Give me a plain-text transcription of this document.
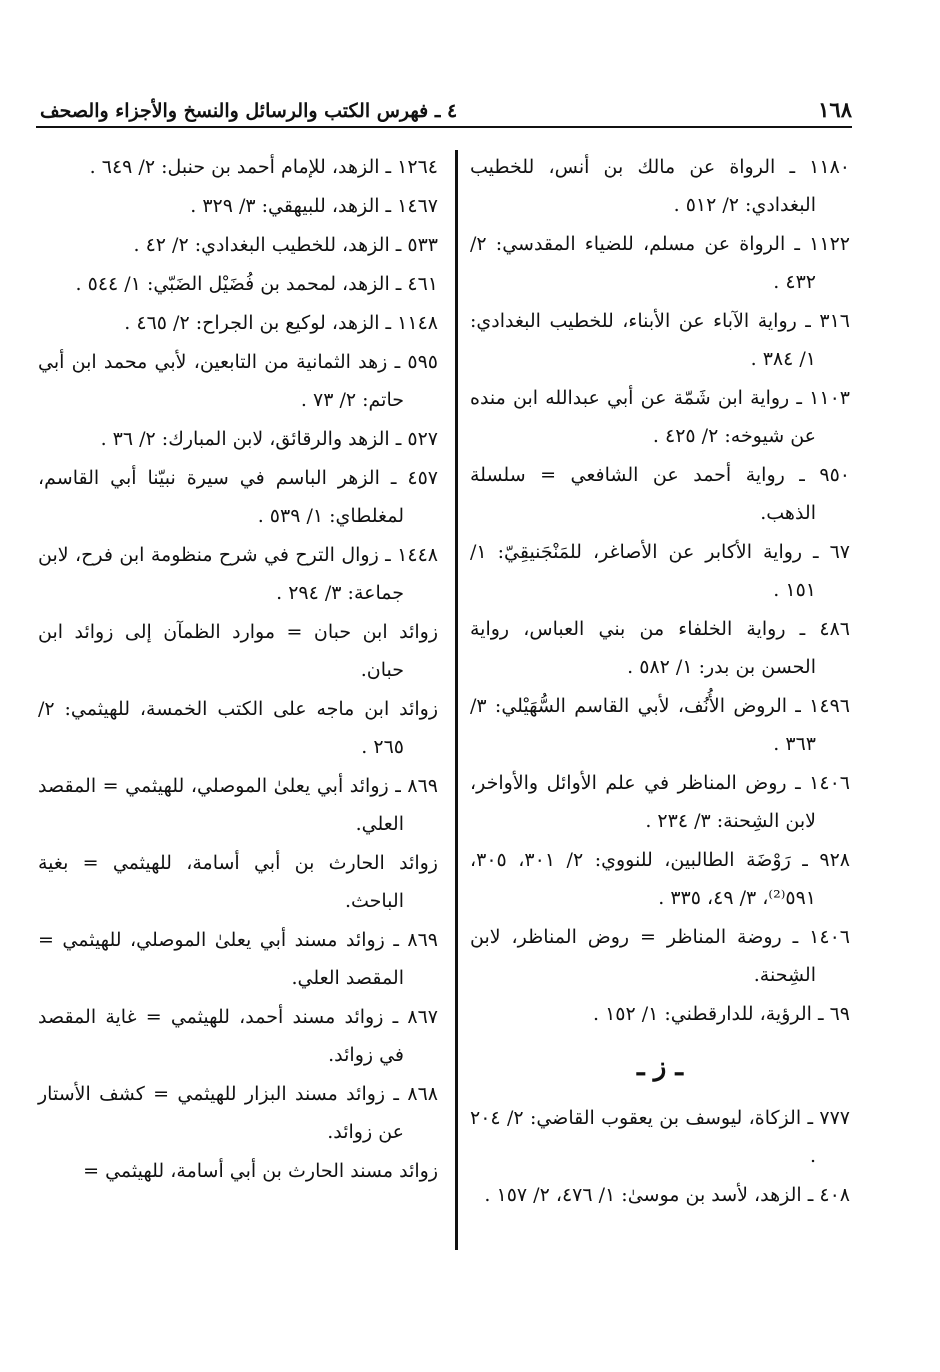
١٦٨
٤ ـ فهرس الكتب والرسائل والنسخ والأجزاء والصحف

١١٨٠ ـ الرواة عن مالك بن أنس، للخطيب البغدادي: ٢/ ٥١٢ .

١١٢٢ ـ الرواة عن مسلم، للضياء المقدسي: ٢/ ٤٣٢ .

٣١٦ ـ رواية الآباء عن الأبناء، للخطيب البغدادي: ١/ ٣٨٤ .

١١٠٣ ـ رواية ابن شَمّة عن أبي عبدالله ابن منده عن شيوخه: ٢/ ٤٢٥ .

٩٥٠ ـ رواية أحمد عن الشافعي = سلسلة الذهب.

٦٧ ـ رواية الأكابر عن الأصاغر، للمَنْجَنيقِيّ: ١/ ١٥١ .

٤٨٦ ـ رواية الخلفاء من بني العباس، رواية الحسن بن بدر: ١/ ٥٨٢ .

١٤٩٦ ـ الروض الأُنُف، لأبي القاسم السُّهَيْلي: ٣/ ٣٦٣ .

١٤٠٦ ـ روض المناظر في علم الأوائل والأواخر، لابن الشِحنة: ٣/ ٢٣٤ .

٩٢٨ ـ رَوْضَة الطالبين، للنووي: ٢/ ٣٠١، ٣٠٥، ٥٩١⁽²⁾، ٣/ ٤٩، ٣٣٥ .

١٤٠٦ ـ روضة المناظر = روض المناظر، لابن الشِحنة.

٦٩ ـ الرؤية، للدارقطني: ١/ ١٥٢ .

ـ ز ـ

٧٧٧ ـ الزكاة، ليوسف بن يعقوب القاضي: ٢/ ٢٠٤ .

٤٠٨ ـ الزهد، لأسد بن موسىٰ: ١/ ٤٧٦، ٢/ ١٥٧ .

١٢٦٤ ـ الزهد، للإمام أحمد بن حنبل: ٢/ ٦٤٩ .

١٤٦٧ ـ الزهد، للبيهقي: ٣/ ٣٢٩ .

٥٣٣ ـ الزهد، للخطيب البغدادي: ٢/ ٤٢ .

٤٦١ ـ الزهد، لمحمد بن فُضَيْل الضَبّي: ١/ ٥٤٤ .

١١٤٨ ـ الزهد، لوكيع بن الجراح: ٢/ ٤٦٥ .

٥٩٥ ـ زهد الثمانية من التابعين، لأبي محمد ابن أبي حاتم: ٢/ ٧٣ .

٥٢٧ ـ الزهد والرقائق، لابن المبارك: ٢/ ٣٦ .

٤٥٧ ـ الزهر الباسم في سيرة نبيّنا أبي القاسم، لمغلطاي: ١/ ٥٣٩ .

١٤٤٨ ـ زوال الترح في شرح منظومة ابن فرح، لابن جماعة: ٣/ ٢٩٤ .

زوائد ابن حبان = موارد الظمآن إلى زوائد ابن حبان.

زوائد ابن ماجه على الكتب الخمسة، للهيثمي: ٢/ ٢٦٥ .

٨٦٩ ـ زوائد أبي يعلىٰ الموصلي، للهيثمي = المقصد العلي.

زوائد الحارث بن أبي أسامة، للهيثمي = بغية الباحث.

٨٦٩ ـ زوائد مسند أبي يعلىٰ الموصلي، للهيثمي = المقصد العلي.

٨٦٧ ـ زوائد مسند أحمد، للهيثمي = غاية المقصد في زوائد.

٨٦٨ ـ زوائد مسند البزار للهيثمي = كشف الأستار عن زوائد.

زوائد مسند الحارث بن أبي أسامة، للهيثمي =
